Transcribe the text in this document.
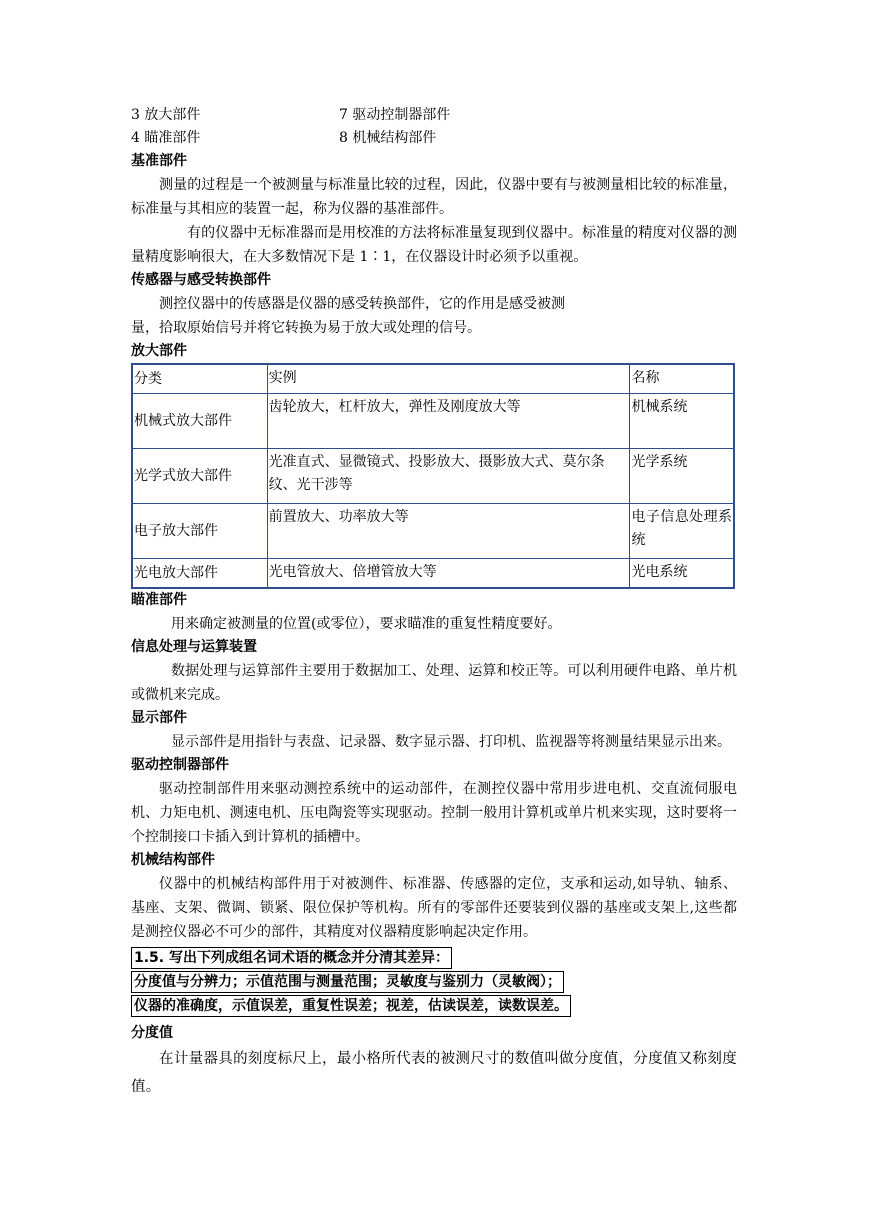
3 放大部件	7 驱动控制器部件
4 瞄准部件	8 机械结构部件
基准部件
测量的过程是一个被测量与标准量比较的过程，因此，仪器中要有与被测量相比较的标准量，标准量与其相应的装置一起，称为仪器的基准部件。
有的仪器中无标准器而是用校准的方法将标准量复现到仪器中。标准量的精度对仪器的测量精度影响很大，在大多数情况下是 1∶1，在仪器设计时必须予以重视。
传感器与感受转换部件
测控仪器中的传感器是仪器的感受转换部件，它的作用是感受被测
量，拾取原始信号并将它转换为易于放大或处理的信号。
放大部件
分类	实例	名称
机械式放大部件	齿轮放大，杠杆放大，弹性及刚度放大等	机械系统
光学式放大部件	光准直式、显微镜式、投影放大、摄影放大式、莫尔条纹、光干涉等	光学系统
电子放大部件	前置放大、功率放大等	电子信息处理系统
光电放大部件	光电管放大、倍增管放大等	光电系统
瞄准部件
用来确定被测量的位置(或零位），要求瞄准的重复性精度要好。
信息处理与运算装置
数据处理与运算部件主要用于数据加工、处理、运算和校正等。可以利用硬件电路、单片机或微机来完成。
显示部件
显示部件是用指针与表盘、记录器、数字显示器、打印机、监视器等将测量结果显示出来。
驱动控制器部件
驱动控制部件用来驱动测控系统中的运动部件，在测控仪器中常用步进电机、交直流伺服电机、力矩电机、测速电机、压电陶瓷等实现驱动。控制一般用计算机或单片机来实现，这时要将一个控制接口卡插入到计算机的插槽中。
机械结构部件
仪器中的机械结构部件用于对被测件、标准器、传感器的定位，支承和运动,如导轨、轴系、基座、支架、微调、锁紧、限位保护等机构。所有的零部件还要装到仪器的基座或支架上,这些都是测控仪器必不可少的部件，其精度对仪器精度影响起决定作用。
1.5. 写出下列成组名词术语的概念并分清其差异：
分度值与分辨力；示值范围与测量范围；灵敏度与鉴别力（灵敏阀）；
仪器的准确度，示值误差，重复性误差；视差，估读误差，读数误差。
分度值
在计量器具的刻度标尺上，最小格所代表的被测尺寸的数值叫做分度值，分度值又称刻度值。
